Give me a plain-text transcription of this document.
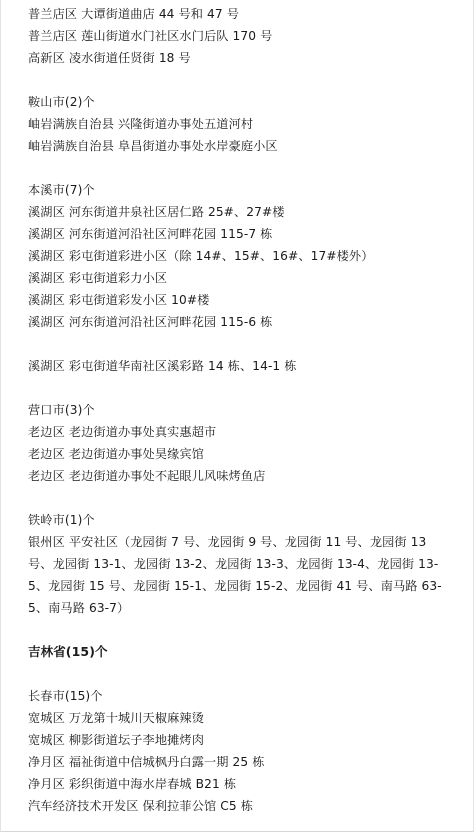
普兰店区 大谭街道曲店 44 号和 47 号
普兰店区 莲山街道水门社区水门后队 170 号
高新区 凌水街道任贤街 18 号
鞍山市(2)个
岫岩满族自治县 兴隆街道办事处五道河村
岫岩满族自治县 阜昌街道办事处水岸豪庭小区
本溪市(7)个
溪湖区 河东街道井泉社区居仁路 25#、27#楼
溪湖区 河东街道河沿社区河畔花园 115-7 栋
溪湖区 彩屯街道彩进小区（除 14#、15#、16#、17#楼外）
溪湖区 彩屯街道彩力小区
溪湖区 彩屯街道彩发小区 10#楼
溪湖区 河东街道河沿社区河畔花园 115-6 栋
溪湖区 彩屯街道华南社区溪彩路 14 栋、14-1 栋
营口市(3)个
老边区 老边街道办事处真实惠超市
老边区 老边街道办事处昊缘宾馆
老边区 老边街道办事处不起眼儿风味烤鱼店
铁岭市(1)个
银州区 平安社区（龙园街 7 号、龙园街 9 号、龙园街 11 号、龙园街 13 号、龙园街 13-1、龙园街 13-2、龙园街 13-3、龙园街 13-4、龙园街 13-5、龙园街 15 号、龙园街 15-1、龙园街 15-2、龙园街 41 号、南马路 63-5、南马路 63-7）
吉林省(15)个
长春市(15)个
宽城区 万龙第十城川天椒麻辣烫
宽城区 柳影街道坛子李地摊烤肉
净月区 福祉街道中信城枫丹白露一期 25 栋
净月区 彩织街道中海水岸春城 B21 栋
汽车经济技术开发区 保利拉菲公馆 C5 栋
